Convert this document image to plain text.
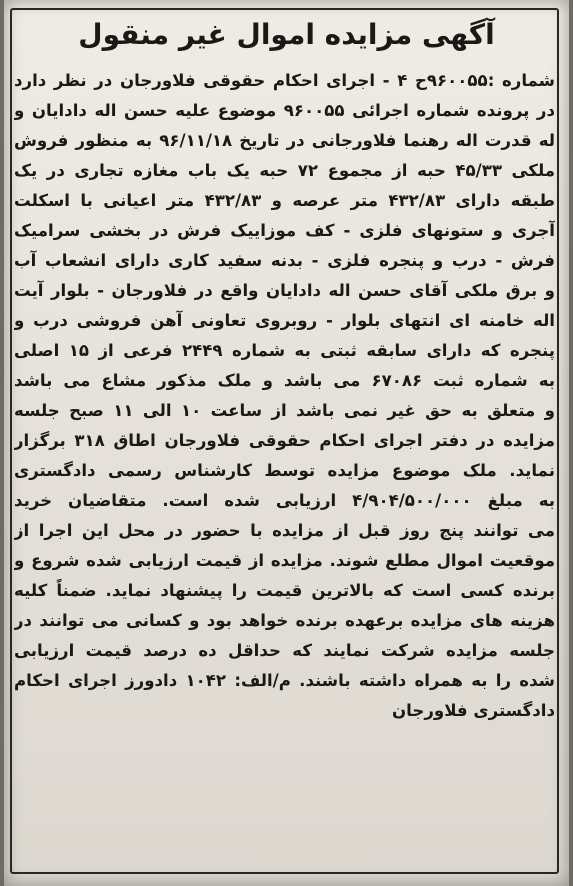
آگهی مزایده اموال غیر منقول
شماره :۹۶۰۰۵۵ح ۴ - اجرای احکام حقوقی فلاورجان در نظر دارد
در پرونده شماره اجرائی ۹۶۰۰۵۵ موضوع علیه حسن اله دادایان و
له قدرت اله رهنما فلاورجانی در تاریخ ۹۶/۱۱/۱۸ به منظور فروش
ملکی ۴۵/۳۳ حبه از مجموع ۷۲ حبه یک باب مغازه تجاری در یک
طبقه دارای ۴۳۲/۸۳ متر عرصه و ۴۳۲/۸۳ متر اعیانی با اسکلت
آجری و ستونهای فلزی - کف موزاییک فرش در بخشی سرامیک
فرش - درب و پنجره فلزی - بدنه سفید کاری دارای انشعاب آب
و برق ملکی آقای حسن اله دادایان واقع در فلاورجان - بلوار آیت
اله خامنه ای انتهای بلوار - روبروی تعاونی آهن فروشی درب و
پنجره که دارای سابقه ثبتی به شماره ۲۴۴۹ فرعی از ۱۵ اصلی
به شماره ثبت ۶۷۰۸۶ می باشد و ملک مذکور مشاع می باشد
و متعلق به حق غیر نمی باشد از ساعت ۱۰ الی ۱۱ صبح جلسه
مزایده در دفتر اجرای احکام حقوقی فلاورجان اطاق ۳۱۸ برگزار
نماید. ملک موضوع مزایده توسط کارشناس رسمی دادگستری
به مبلغ ۴/۹۰۴/۵۰۰/۰۰۰ ارزیابی شده است. متقاضیان خرید
می توانند پنج روز قبل از مزایده با حضور در محل این اجرا از
موقعیت اموال مطلع شوند. مزایده از قیمت ارزیابی شده شروع و
برنده کسی است که بالاترین قیمت را پیشنهاد نماید. ضمناً کلیه
هزینه های مزایده برعهده برنده خواهد بود و کسانی می توانند در
جلسه مزایده شرکت نمایند که حداقل ده درصد قیمت ارزیابی
شده را به همراه داشته باشند. م/الف: ۱۰۴۲ دادورز اجرای احکام
دادگستری فلاورجان
